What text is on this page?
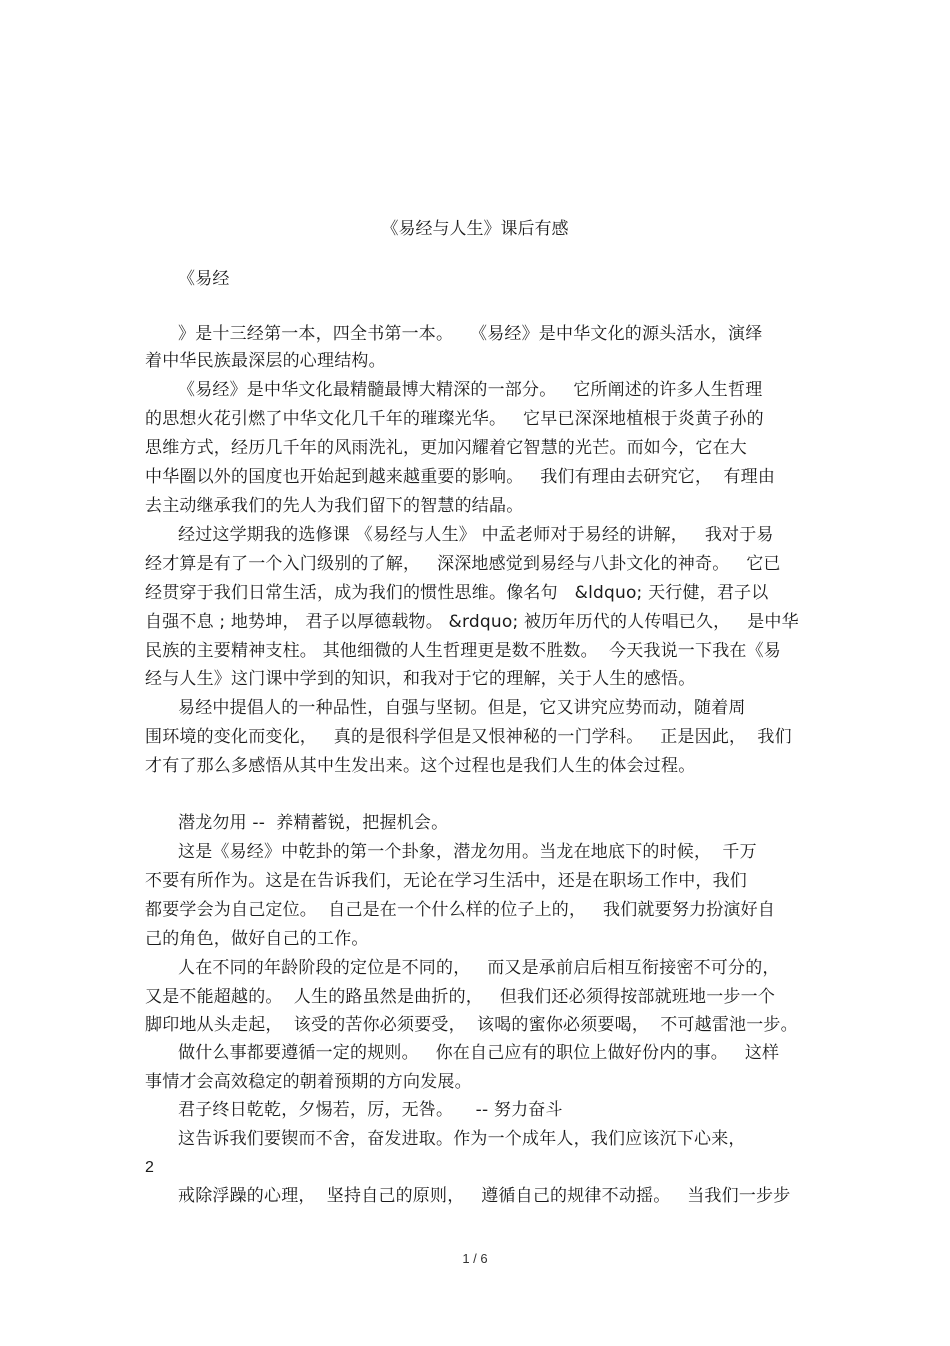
《易经与人生》课后有感
《易经
》是十三经第一本，四全书第一本。   《易经》是中华文化的源头活水，演绎
着中华民族最深层的心理结构。
《易经》是中华文化最精髓最博大精深的一部分。   它所阐述的许多人生哲理
的思想火花引燃了中华文化几千年的璀璨光华。   它早已深深地植根于炎黄子孙的
思维方式，经历几千年的风雨洗礼，更加闪耀着它智慧的光芒。而如今，它在大
中华圈以外的国度也开始起到越来越重要的影响。   我们有理由去研究它，  有理由
去主动继承我们的先人为我们留下的智慧的结晶。
经过这学期我的选修课 《易经与人生》 中孟老师对于易经的讲解，   我对于易
经才算是有了一个入门级别的了解，   深深地感觉到易经与八卦文化的神奇。   它已
经贯穿于我们日常生活，成为我们的惯性思维。像名句   &ldquo; 天行健，君子以
自强不息 ; 地势坤， 君子以厚德载物。 &rdquo; 被历年历代的人传唱已久，   是中华
民族的主要精神支柱。 其他细微的人生哲理更是数不胜数。  今天我说一下我在《易
经与人生》这门课中学到的知识，和我对于它的理解，关于人生的感悟。
易经中提倡人的一种品性，自强与坚韧。但是，它又讲究应势而动，随着周
围环境的变化而变化，   真的是很科学但是又恨神秘的一门学科。   正是因此，  我们
才有了那么多感悟从其中生发出来。这个过程也是我们人生的体会过程。
潜龙勿用 --  养精蓄锐，把握机会。
这是《易经》中乾卦的第一个卦象，潜龙勿用。当龙在地底下的时候，  千万
不要有所作为。这是在告诉我们，无论在学习生活中，还是在职场工作中，我们
都要学会为自己定位。  自己是在一个什么样的位子上的，   我们就要努力扮演好自
己的角色，做好自己的工作。
人在不同的年龄阶段的定位是不同的，   而又是承前启后相互衔接密不可分的，
又是不能超越的。  人生的路虽然是曲折的，   但我们还必须得按部就班地一步一个
脚印地从头走起，  该受的苦你必须要受，  该喝的蜜你必须要喝，  不可越雷池一步。
做什么事都要遵循一定的规则。   你在自己应有的职位上做好份内的事。   这样
事情才会高效稳定的朝着预期的方向发展。
君子终日乾乾，夕惕若，厉，无咎。    -- 努力奋斗
这告诉我们要锲而不舍，奋发进取。作为一个成年人，我们应该沉下心来，
2
戒除浮躁的心理，  坚持自己的原则，   遵循自己的规律不动摇。   当我们一步步
1 / 6
